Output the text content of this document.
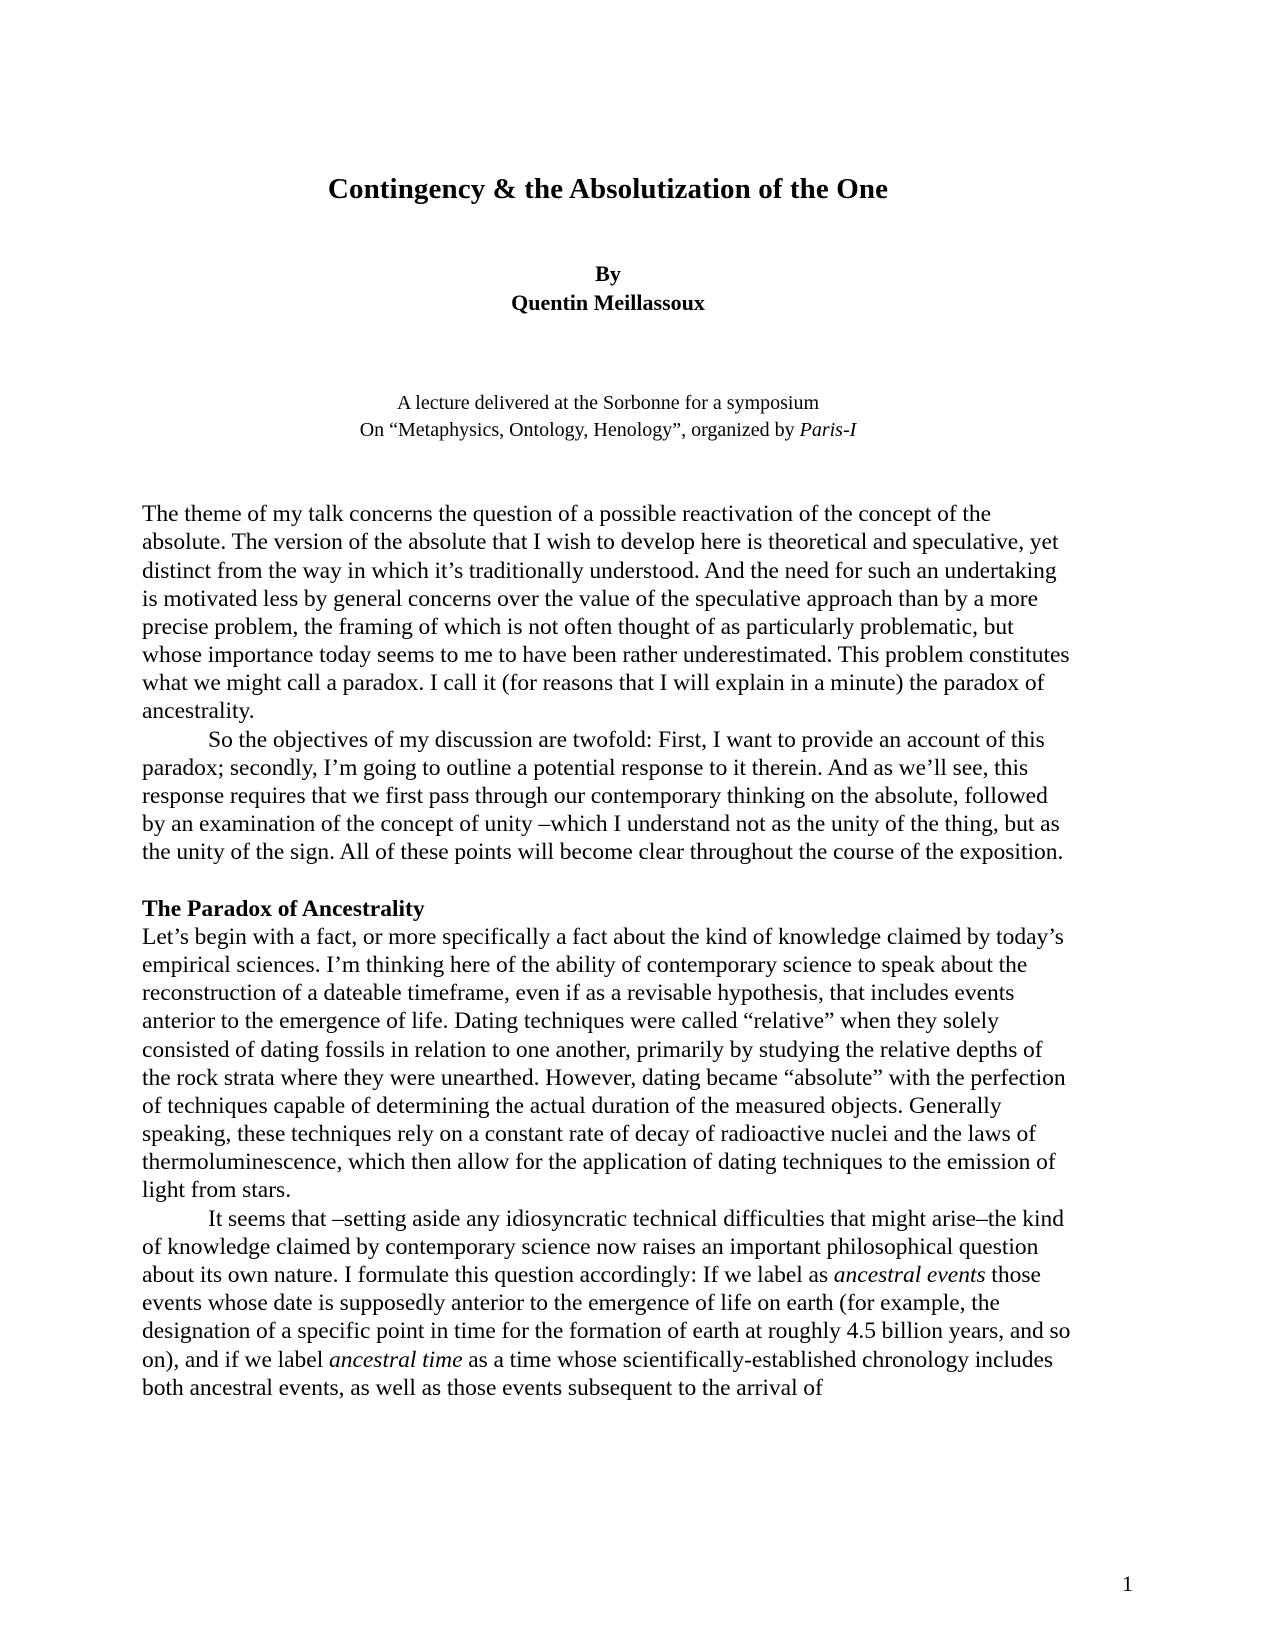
Contingency & the Absolutization of the One

By

Quentin Meillassoux

A lecture delivered at the Sorbonne for a symposium

On “Metaphysics, Ontology, Henology”, organized by Paris-I

The theme of my talk concerns the question of a possible reactivation of the concept of the absolute. The version of the absolute that I wish to develop here is theoretical and speculative, yet distinct from the way in which it’s traditionally understood. And the need for such an undertaking is motivated less by general concerns over the value of the speculative approach than by a more precise problem, the framing of which is not often thought of as particularly problematic, but whose importance today seems to me to have been rather underestimated. This problem constitutes what we might call a paradox. I call it (for reasons that I will explain in a minute) the paradox of ancestrality.

So the objectives of my discussion are twofold: First, I want to provide an account of this paradox; secondly, I’m going to outline a potential response to it therein. And as we’ll see, this response requires that we first pass through our contemporary thinking on the absolute, followed by an examination of the concept of unity –which I understand not as the unity of the thing, but as the unity of the sign. All of these points will become clear throughout the course of the exposition.

The Paradox of Ancestrality

Let’s begin with a fact, or more specifically a fact about the kind of knowledge claimed by today’s empirical sciences. I’m thinking here of the ability of contemporary science to speak about the reconstruction of a dateable timeframe, even if as a revisable hypothesis, that includes events anterior to the emergence of life. Dating techniques were called “relative” when they solely consisted of dating fossils in relation to one another, primarily by studying the relative depths of the rock strata where they were unearthed. However, dating became “absolute” with the perfection of techniques capable of determining the actual duration of the measured objects. Generally speaking, these techniques rely on a constant rate of decay of radioactive nuclei and the laws of thermoluminescence, which then allow for the application of dating techniques to the emission of light from stars.

It seems that –setting aside any idiosyncratic technical difficulties that might arise–the kind of knowledge claimed by contemporary science now raises an important philosophical question about its own nature. I formulate this question accordingly: If we label as ancestral events those events whose date is supposedly anterior to the emergence of life on earth (for example, the designation of a specific point in time for the formation of earth at roughly 4.5 billion years, and so on), and if we label ancestral time as a time whose scientifically-established chronology includes both ancestral events, as well as those events subsequent to the arrival of

1
